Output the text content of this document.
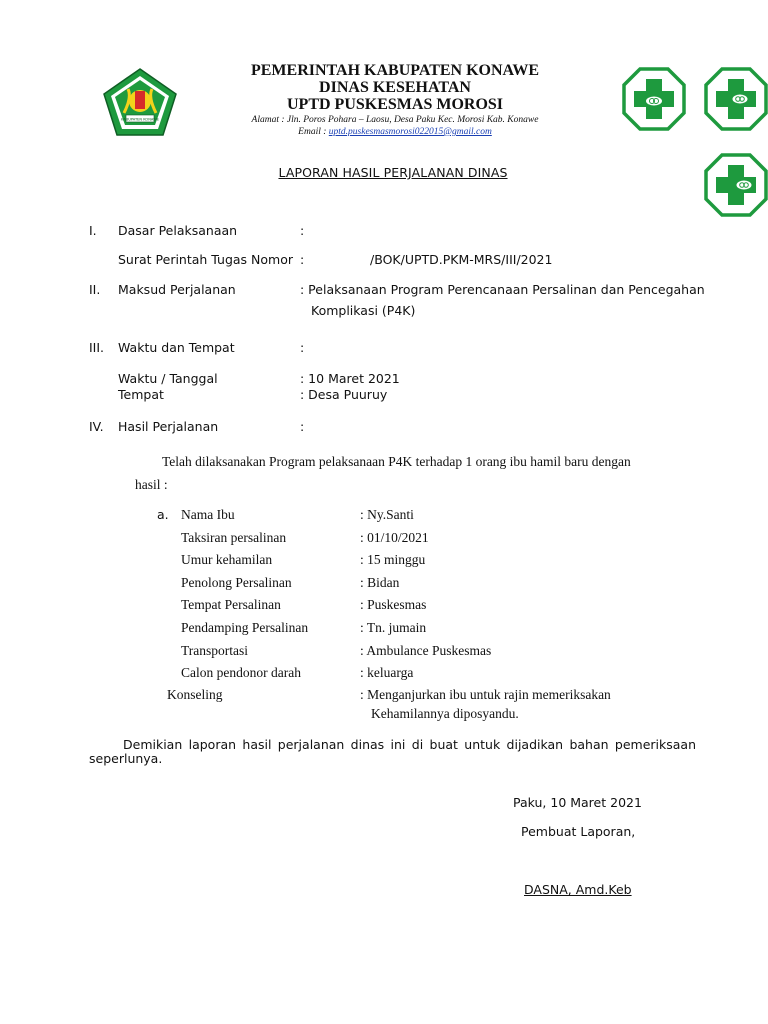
KABUPATEN KONAWE
PEMERINTAH KABUPATEN KONAWE
DINAS KESEHATAN
UPTD PUSKESMAS MOROSI
Alamat : Jln. Poros Pohara – Laosu, Desa Paku Kec. Morosi Kab. Konawe
Email : uptd.puskesmasmorosi022015@gmail.com
LAPORAN HASIL PERJALANAN DINAS
I. Dasar Pelaksanaan	:
Surat Perintah Tugas Nomor :	/BOK/UPTD.PKM-MRS/III/2021
II. Maksud Perjalanan	: Pelaksanaan Program Perencanaan Persalinan dan Pencegahan
Komplikasi (P4K)
III. Waktu dan Tempat	:
Waktu / Tanggal	: 10 Maret 2021
Tempat	: Desa Puuruy
IV. Hasil Perjalanan	:
Telah dilaksanakan Program pelaksanaan P4K terhadap 1 orang ibu hamil baru dengan
hasil :
a. Nama Ibu	: Ny.Santi
Taksiran persalinan	: 01/10/2021
Umur kehamilan	: 15 minggu
Penolong Persalinan	: Bidan
Tempat Persalinan	: Puskesmas
Pendamping Persalinan	: Tn. jumain
Transportasi	: Ambulance Puskesmas
Calon pendonor darah	: keluarga
Konseling	: Menganjurkan ibu untuk rajin memeriksakan
Kehamilannya diposyandu.
Demikian laporan hasil perjalanan dinas ini di buat untuk dijadikan bahan pemeriksaan
seperlunya.
Paku, 10 Maret 2021
Pembuat Laporan,
DASNA, Amd.Keb
